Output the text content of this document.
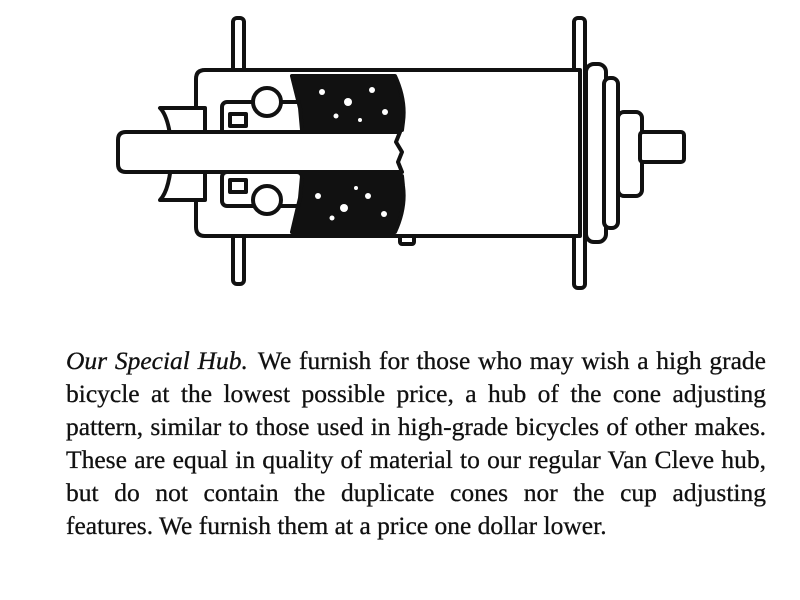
Our Special Hub. We furnish for those who may wish a high grade bicycle at the lowest possible price, a hub of the cone adjusting pattern, similar to those used in high-grade bicycles of other makes. These are equal in quality of material to our regular Van Cleve hub, but do not contain the duplicate cones nor the cup adjusting features. We furnish them at a price one dollar lower.
